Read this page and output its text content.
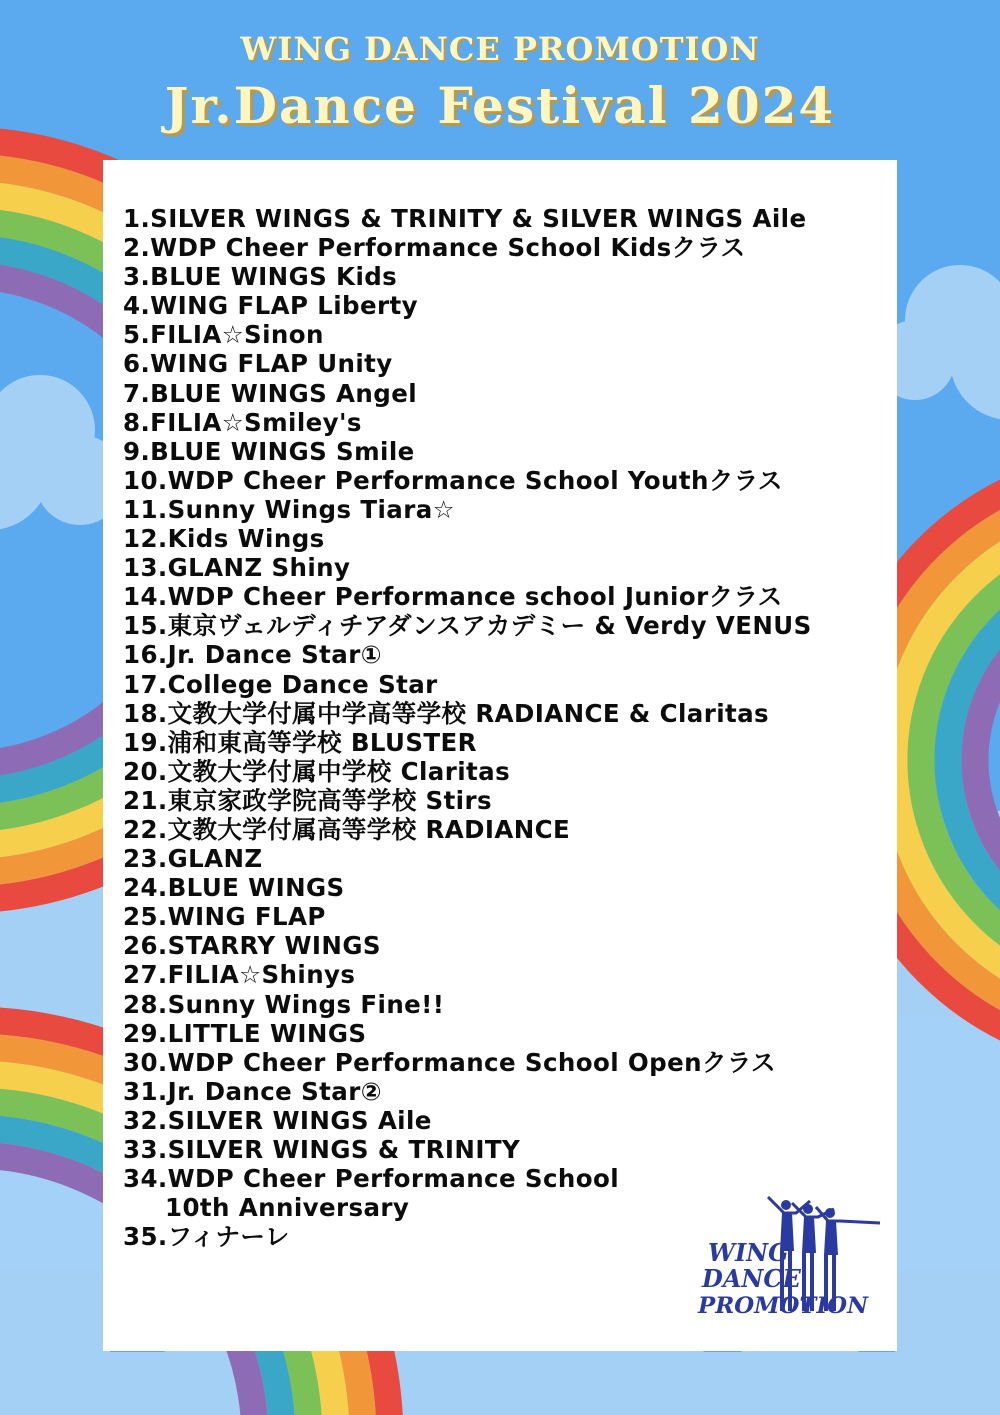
WING DANCE PROMOTION
Jr.Dance Festival 2024
1.SILVER WINGS & TRINITY & SILVER WINGS Aile
2.WDP Cheer Performance School Kidsクラス
3.BLUE WINGS Kids
4.WING FLAP Liberty
5.FILIA☆Sinon
6.WING FLAP Unity
7.BLUE WINGS Angel
8.FILIA☆Smiley's
9.BLUE WINGS Smile
10.WDP Cheer Performance School Youthクラス
11.Sunny Wings Tiara☆
12.Kids Wings
13.GLANZ Shiny
14.WDP Cheer Performance school Juniorクラス
15.東京ヴェルディチアダンスアカデミー & Verdy VENUS
16.Jr. Dance Star①
17.College Dance Star
18.文教大学付属中学高等学校 RADIANCE & Claritas
19.浦和東高等学校 BLUSTER
20.文教大学付属中学校 Claritas
21.東京家政学院高等学校 Stirs
22.文教大学付属高等学校 RADIANCE
23.GLANZ
24.BLUE WINGS
25.WING FLAP
26.STARRY WINGS
27.FILIA☆Shinys
28.Sunny Wings Fine!!
29.LITTLE WINGS
30.WDP Cheer Performance School Openクラス
31.Jr. Dance Star②
32.SILVER WINGS Aile
33.SILVER WINGS & TRINITY
34.WDP Cheer Performance School
10th Anniversary
35.フィナーレ
WING
DANCE
PROMOTION
